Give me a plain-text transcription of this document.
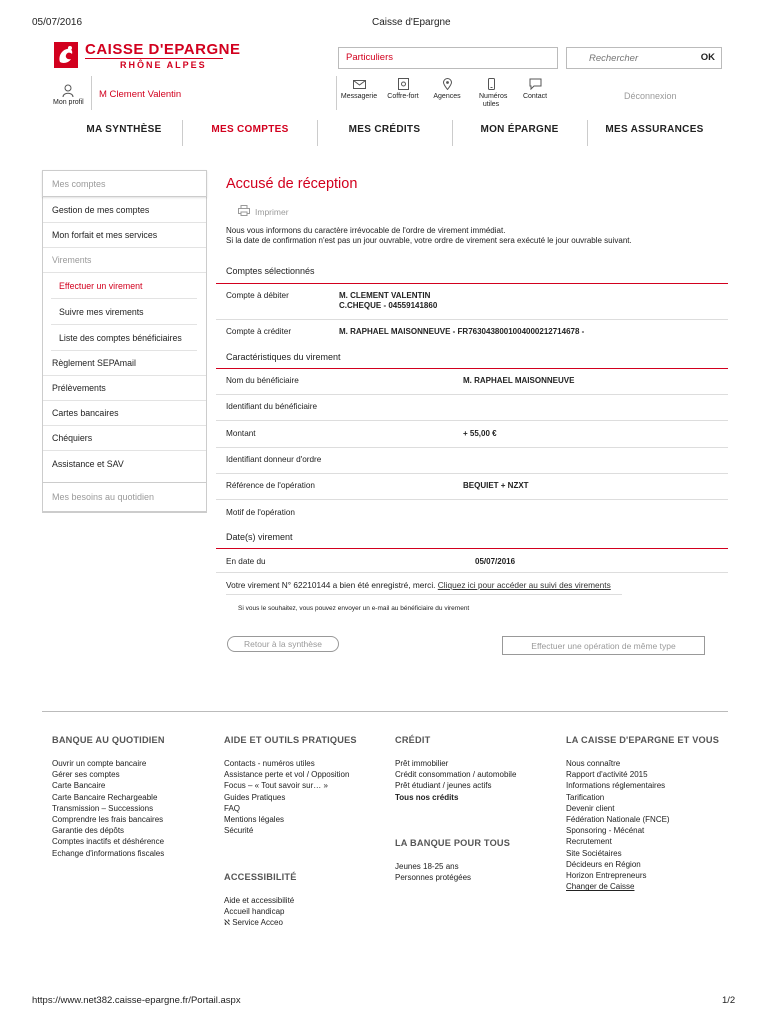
05/07/2016	Caisse d'Epargne
CAISSE D'EPARGNE
RHÔNE ALPES
Particuliers
Rechercher	OK
Mon profil
M Clement Valentin	Messagerie	Coffre-fort	Agences	Numéros utiles
Contact	Déconnexion
MA SYNTHÈSE	MES COMPTES	MES CRÉDITS	MON ÉPARGNE	MES ASSURANCES
Mes comptes
Gestion de mes comptes
Mon forfait et mes services
Virements
Effectuer un virement
Suivre mes virements
Liste des comptes bénéficiaires
Règlement SEPAmail
Prélèvements
Cartes bancaires
Chéquiers
Assistance et SAV
Mes besoins au quotidien
Accusé de réception
Imprimer
Nous vous informons du caractère irrévocable de l'ordre de virement immédiat.
Si la date de confirmation n'est pas un jour ouvrable, votre ordre de virement sera exécuté le jour ouvrable suivant.
Comptes sélectionnés
Compte à débiter	M. CLEMENT VALENTIN
C.CHEQUE - 04559141860
Compte à créditer	M. RAPHAEL MAISONNEUVE - FR7630438001004000212714678 -
Caractéristiques du virement
Nom du bénéficiaire	M. RAPHAEL MAISONNEUVE
Identifiant du bénéficiaire
Montant	+ 55,00 €
Identifiant donneur d'ordre
Référence de l'opération	BEQUIET + NZXT
Motif de l'opération
Date(s) virement
En date du	05/07/2016
Votre virement N° 62210144 a bien été enregistré, merci. Cliquez ici pour accéder au suivi des virements
Si vous le souhaitez, vous pouvez envoyer un e-mail au bénéficiaire du virement
Retour à la synthèse	Effectuer une opération de même type
BANQUE AU QUOTIDIEN
Ouvrir un compte bancaire
Gérer ses comptes
Carte Bancaire
Carte Bancaire Rechargeable
Transmission – Successions
Comprendre les frais bancaires
Garantie des dépôts
Comptes inactifs et déshérence
Echange d'informations fiscales
AIDE ET OUTILS PRATIQUES
Contacts - numéros utiles
Assistance perte et vol / Opposition
Focus – « Tout savoir sur… »
Guides Pratiques
FAQ
Mentions légales
Sécurité
ACCESSIBILITÉ
Aide et accessibilité
Accueil handicap
ℵ Service Acceo
CRÉDIT
Prêt immobilier
Crédit consommation / automobile
Prêt étudiant / jeunes actifs
Tous nos crédits
LA BANQUE POUR TOUS
Jeunes 18-25 ans
Personnes protégées
LA CAISSE D'EPARGNE ET VOUS
Nous connaître
Rapport d'activité 2015
Informations réglementaires
Tarification
Devenir client
Fédération Nationale (FNCE)
Sponsoring - Mécénat
Recrutement
Site Sociétaires
Décideurs en Région
Horizon Entrepreneurs
Changer de Caisse
https://www.net382.caisse-epargne.fr/Portail.aspx	1/2
